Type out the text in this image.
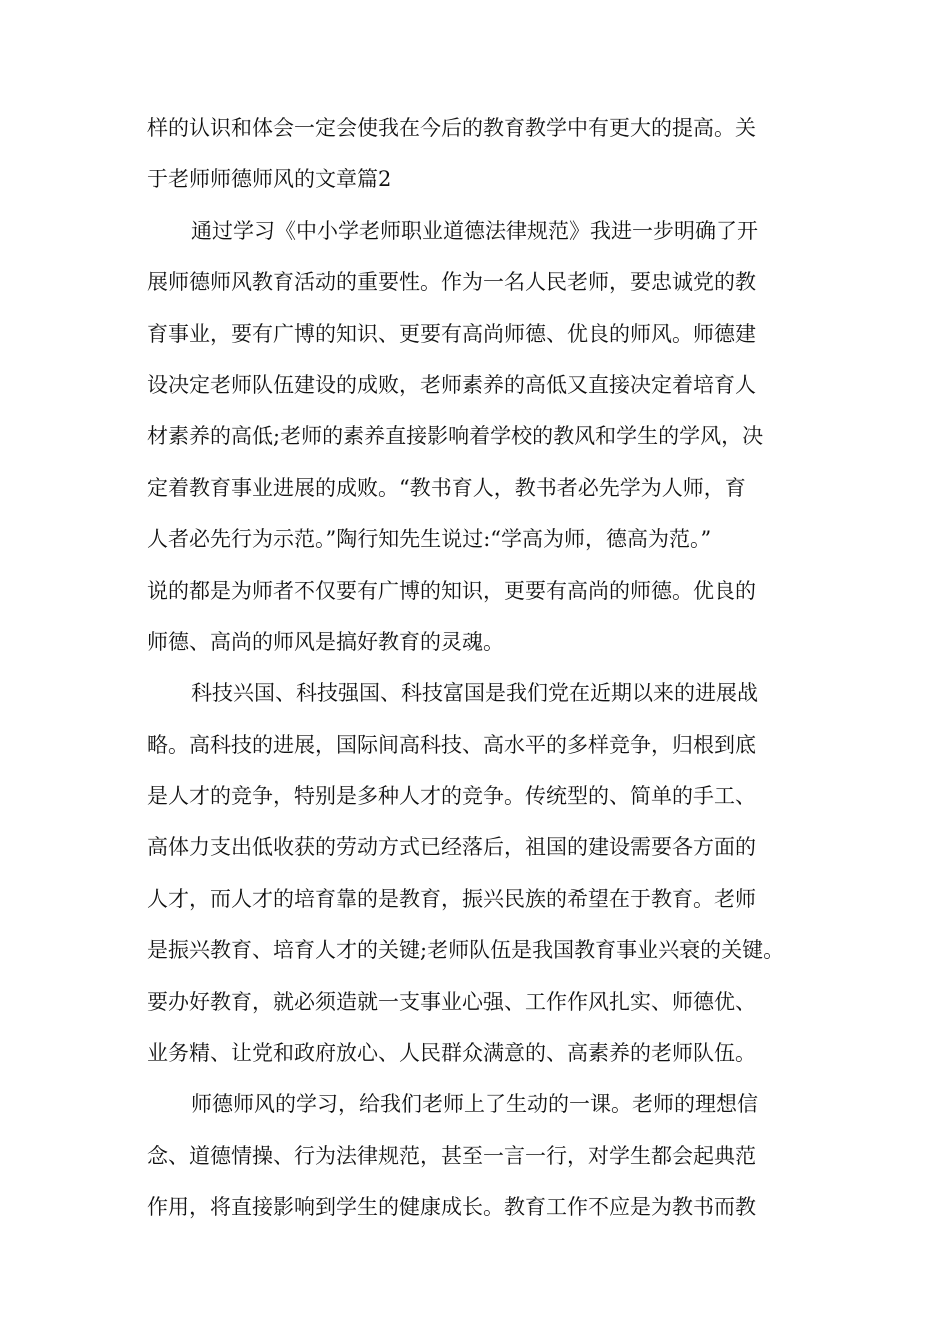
样的认识和体会一定会使我在今后的教育教学中有更大的提高。关
于老师师德师风的文章篇2
通过学习《中小学老师职业道德法律规范》我进一步明确了开
展师德师风教育活动的重要性。作为一名人民老师，要忠诚党的教
育事业，要有广博的知识、更要有高尚师德、优良的师风。师德建
设决定老师队伍建设的成败，老师素养的高低又直接决定着培育人
材素养的高低;老师的素养直接影响着学校的教风和学生的学风，决
定着教育事业进展的成败。“教书育人，教书者必先学为人师，育
人者必先行为示范。”陶行知先生说过:“学高为师，德高为范。”
说的都是为师者不仅要有广博的知识，更要有高尚的师德。优良的
师德、高尚的师风是搞好教育的灵魂。
科技兴国、科技强国、科技富国是我们党在近期以来的进展战
略。高科技的进展，国际间高科技、高水平的多样竞争，归根到底
是人才的竞争，特别是多种人才的竞争。传统型的、简单的手工、
高体力支出低收获的劳动方式已经落后，祖国的建设需要各方面的
人才，而人才的培育靠的是教育，振兴民族的希望在于教育。老师
是振兴教育、培育人才的关键;老师队伍是我国教育事业兴衰的关键。
要办好教育，就必须造就一支事业心强、工作作风扎实、师德优、
业务精、让党和政府放心、人民群众满意的、高素养的老师队伍。
师德师风的学习，给我们老师上了生动的一课。老师的理想信
念、道德情操、行为法律规范，甚至一言一行，对学生都会起典范
作用，将直接影响到学生的健康成长。教育工作不应是为教书而教
